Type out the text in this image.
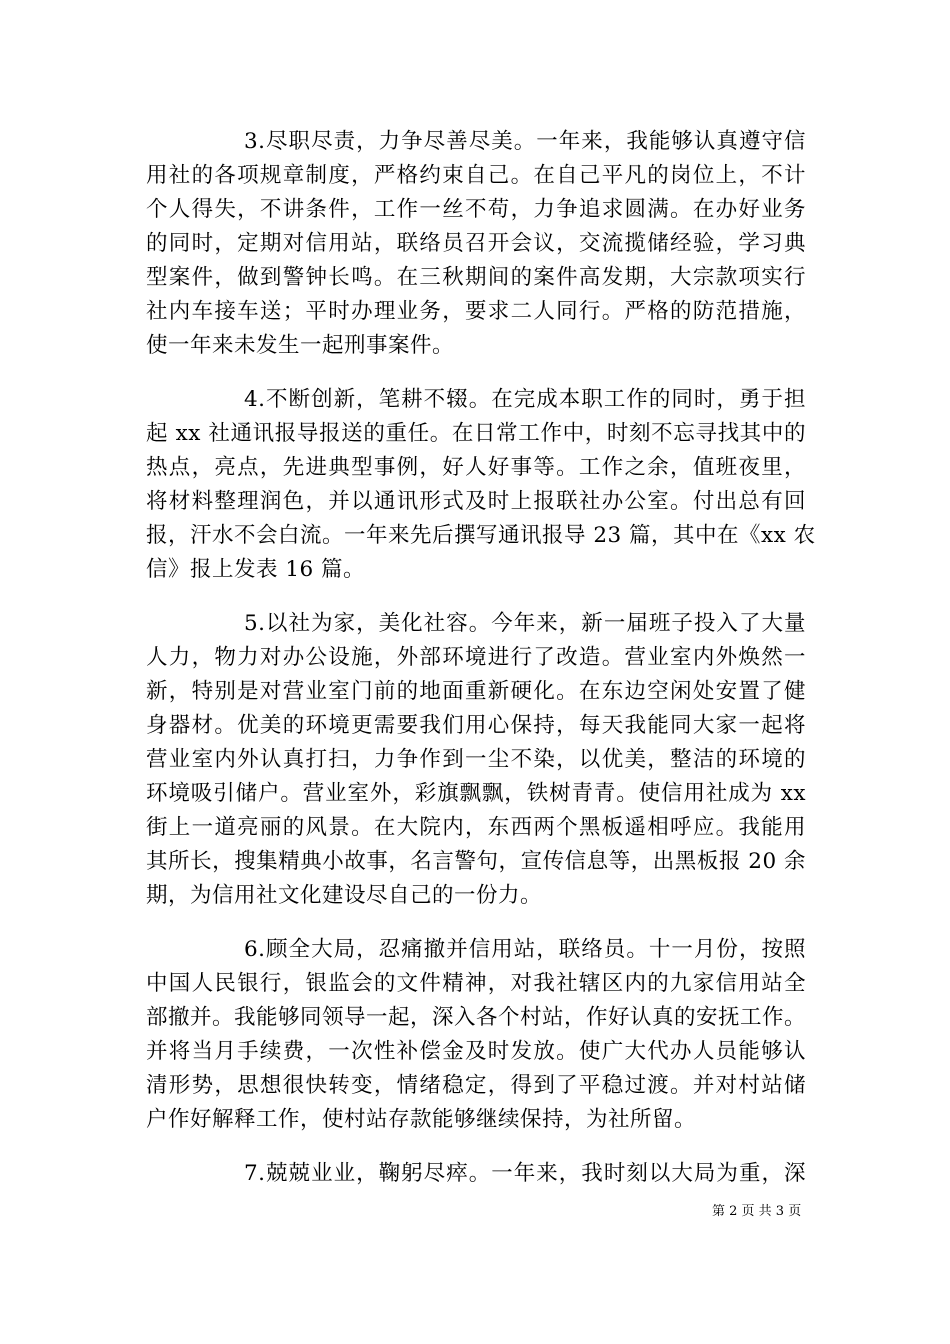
3.尽职尽责，力争尽善尽美。一年来，我能够认真遵守信
用社的各项规章制度，严格约束自己。在自己平凡的岗位上，不计
个人得失，不讲条件，工作一丝不苟，力争追求圆满。在办好业务
的同时，定期对信用站，联络员召开会议，交流揽储经验，学习典
型案件，做到警钟长鸣。在三秋期间的案件高发期，大宗款项实行
社内车接车送；平时办理业务，要求二人同行。严格的防范措施，
使一年来未发生一起刑事案件。
4.不断创新，笔耕不辍。在完成本职工作的同时，勇于担
起 xx 社通讯报导报送的重任。在日常工作中，时刻不忘寻找其中的
热点，亮点，先进典型事例，好人好事等。工作之余，值班夜里，
将材料整理润色，并以通讯形式及时上报联社办公室。付出总有回
报，汗水不会白流。一年来先后撰写通讯报导 23 篇，其中在《xx 农
信》报上发表 16 篇。
5.以社为家，美化社容。今年来，新一届班子投入了大量
人力，物力对办公设施，外部环境进行了改造。营业室内外焕然一
新，特别是对营业室门前的地面重新硬化。在东边空闲处安置了健
身器材。优美的环境更需要我们用心保持，每天我能同大家一起将
营业室内外认真打扫，力争作到一尘不染，以优美，整洁的环境的
环境吸引储户。营业室外，彩旗飘飘，铁树青青。使信用社成为 xx
街上一道亮丽的风景。在大院内，东西两个黑板遥相呼应。我能用
其所长，搜集精典小故事，名言警句，宣传信息等，出黑板报 20 余
期，为信用社文化建设尽自己的一份力。
6.顾全大局，忍痛撤并信用站，联络员。十一月份，按照
中国人民银行，银监会的文件精神，对我社辖区内的九家信用站全
部撤并。我能够同领导一起，深入各个村站，作好认真的安抚工作。
并将当月手续费，一次性补偿金及时发放。使广大代办人员能够认
清形势，思想很快转变，情绪稳定，得到了平稳过渡。并对村站储
户作好解释工作，使村站存款能够继续保持，为社所留。
7.兢兢业业，鞠躬尽瘁。一年来，我时刻以大局为重，深
第 2 页 共 3 页
